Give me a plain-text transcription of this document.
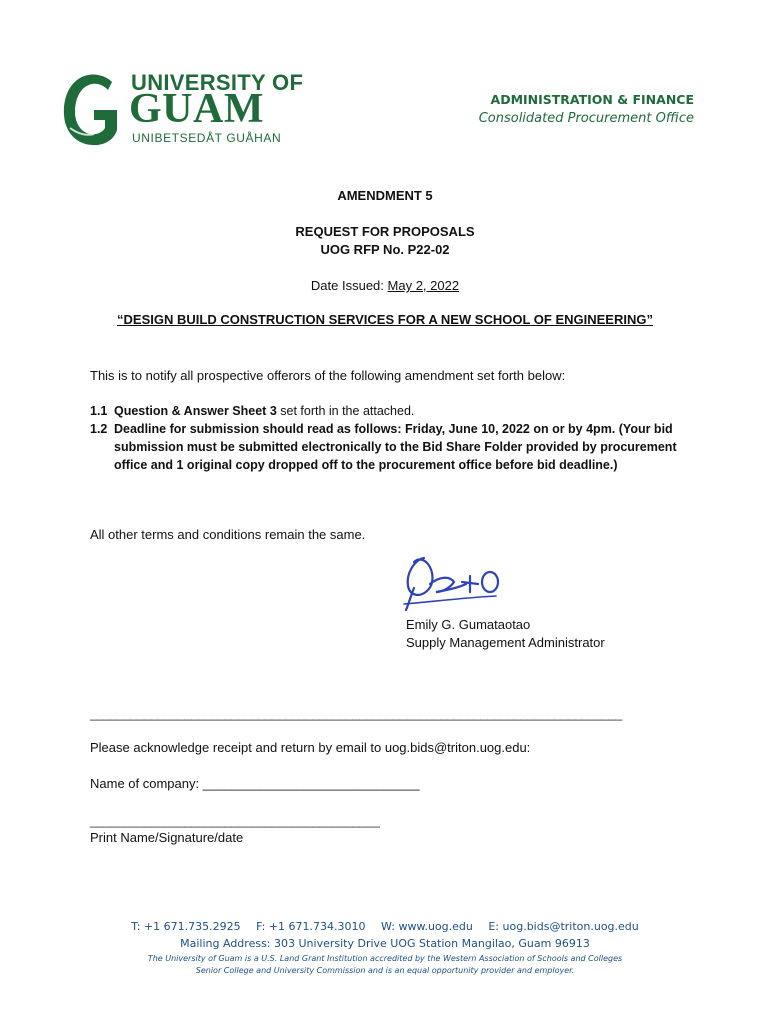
UNIVERSITY OF
GUAM
UNIBETSEDÅT GUÅHAN
ADMINISTRATION & FINANCE
Consolidated Procurement Office
AMENDMENT 5
REQUEST FOR PROPOSALS
UOG RFP No. P22-02
Date Issued: May 2, 2022
“DESIGN BUILD CONSTRUCTION SERVICES FOR A NEW SCHOOL OF ENGINEERING”
This is to notify all prospective offerors of the following amendment set forth below:
1.1 Question & Answer Sheet 3 set forth in the attached.
1.2 Deadline for submission should read as follows: Friday, June 10, 2022 on or by 4pm. (Your bid submission must be submitted electronically to the Bid Share Folder provided by procurement office and 1 original copy dropped off to the procurement office before bid deadline.)
All other terms and conditions remain the same.
Emily G. Gumataotao
Supply Management Administrator
_______________________________________________________________________________
Please acknowledge receipt and return by email to uog.bids@triton.uog.edu:
Name of company: ______________________________
___________________________________________
Print Name/Signature/date
T: +1 671.735.2925 F: +1 671.734.3010 W: www.uog.edu E: uog.bids@triton.uog.edu
Mailing Address: 303 University Drive UOG Station Mangilao, Guam 96913
The University of Guam is a U.S. Land Grant Institution accredited by the Western Association of Schools and Colleges
Senior College and University Commission and is an equal opportunity provider and employer.
